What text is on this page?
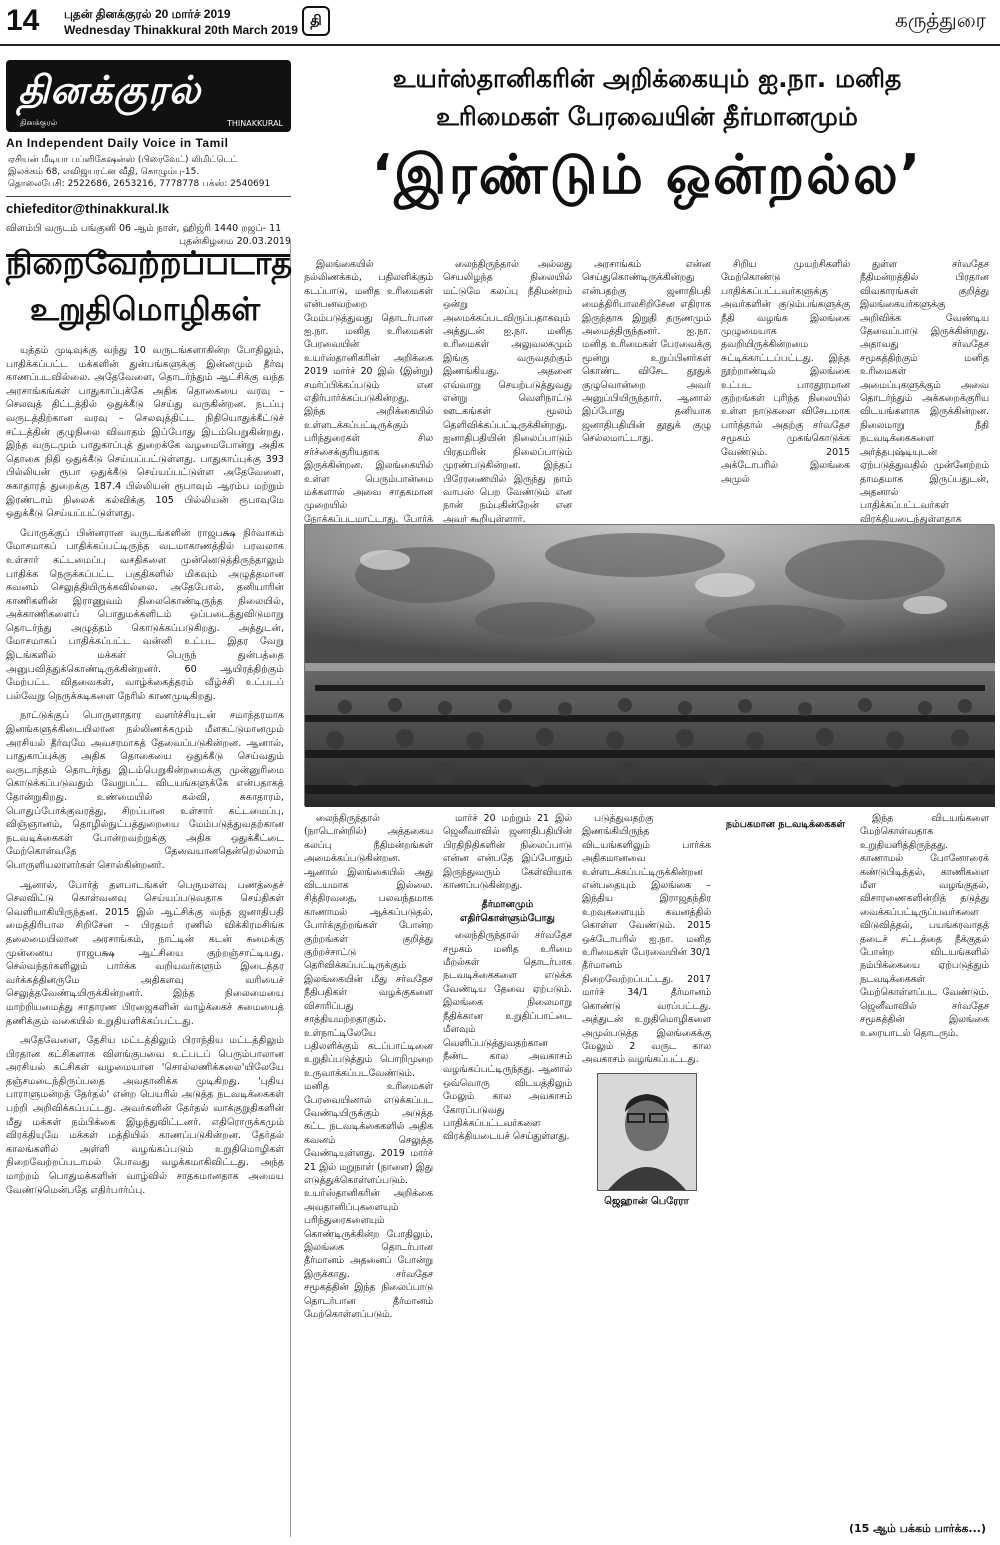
14 புதன் தினக்குரல் 20 மார்ச் 2019
Wednesday Thinakkural 20th March 2019
தி	கருத்துரை
தினக்குரல்
தினக்குரல்	THINAKKURAL
An Independent Daily Voice in Tamil
ஏசியன் மீடியா பப்ளிகேஷன்ஸ் (பிரைவேட்) லிமிட்டெட்
இலக்கம் 68, எவிஜயரட்ன வீதி, கொழும்பு-15.
தொலைபேசி: 2522686, 2653216, 7778778 பக்ஸ்: 2540691
chiefeditor@thinakkural.lk
விளம்பி வருடம் பங்குனி 06 ஆம் நாள், ஹிஜ்ரி 1440 றஜப்- 11
புதன்கிழமை 20.03.2019
நிறைவேற்றப்படாத
உறுதிமொழிகள்

யுத்தம் முடிவுக்கு வந்து 10 வருடங்களாகின்ற போதிலும், பாதிக்கப்பட்ட மக்களின் துன்பங்களுக்கு இன்னமும் தீர்வு காணப்படவில்லை. அதேவேளை, தொடர்ந்தும் ஆட்சிக்கு வந்த அரசாங்கங்கள் பாதுகாப்புக்கே அதிக தொகையை வரவு – செலவுத் திட்டத்தில் ஒதுக்கீடு செய்து வருகின்றன. நடப்பு வருடத்திற்கான வரவு – செலவுத்திட்ட நிதியொதுக்கீட்டுச் சட்டத்தின் குழுநிலை விவாதம் இப்போது இடம்பெறுகின்றது. இந்த வருடமும் பாதுகாப்புத் துறைக்கே வழமைபோன்று அதிக தொகை நிதி ஒதுக்கீடு செய்யப்பட்டுள்ளது. பாதுகாப்புக்கு 393 பில்லியன் ரூபா ஒதுக்கீடு செய்யப்பட்டுள்ள அதேவேளை, சுகாதாரத் துறைக்கு 187.4 பில்லியன் ரூபாவும் ஆரம்ப மற்றும் இரண்டாம் நிலைக் கல்விக்கு 105 பில்லியன் ரூபாவுமே ஒதுக்கீடு செய்யப்பட்டுள்ளது.

போருக்குப் பின்னரான வருடங்களின் ராஜபக்ஷ நிர்வாகம் மோசமாகப் பாதிக்கப்பட்டிருந்த வடமாகாணத்தில் பரவலாக உள்சார் கட்டமைப்பு வசதிகளை முன்னெடுத்திருந்தாலும் பாதிக்க நெருக்கப்பட்ட பகுதிகளில் மிகவும் அழுத்தமான கவனம் செலுத்தியிருக்கவில்லை. அதேபோல், தனியாரின் காணிகளின் இராணுவம் நிலைகொண்டிருந்த நிலையில், அக்காணிகளைப் பொதுமக்களிடம் ஒப்படைத்துவிடுமாறு தொடர்ந்து அழுத்தம் கொடுக்கப்படுகிறது. அத்துடன், மோசமாகப் பாதிக்கப்பட்ட வன்னி உட்பட இதர வேறு இடங்களில் மக்கள் பெருந் துன்பத்தை அனுபவித்துக்கொண்டிருக்கின்றனர். 60 ஆயிரத்திற்கும் மேற்பட்ட விதவைகள், வாழ்க்கைத்தரம் வீழ்ச்சி உட்படப் பல்வேறு நெருக்கடிகளை நேரில் காணமுடிகிறது.

நாட்டுக்குப் பொருளாதார வளர்ச்சியுடன் சமாந்தரமாக இனங்களுக்கிடையிலான நல்லிணக்கமும் மீளகட்டுமானமும் அரசியல் தீர்வுமே அவசரமாகத் தேவைப்படுகின்றன. ஆனால், பாதுகாப்புக்கு அதிக தொகையை ஒதுக்கீடு செய்வதும் வருடாந்தம் தொடர்ந்து இடம்பெறுகின்றமைக்கு முன்னுரிமை கொடுக்கப்படுவதும் வேறுபட்ட விடயங்களுக்கே என்பதாகத் தோன்றுகிறது. உண்மையில் கல்வி, சுகாதாரம், பொதுப்போக்குவரத்து, சிறப்பான உள்சார் கட்டமைப்பு, விஞ்ஞானம், தொழில்நுட்பத்துறையை மேம்படுத்துவதற்கான நடவடிக்கைகள் போன்றவற்றுக்கு அதிக ஒதுக்கீட்டை மேற்கொள்வதே தேவையானதென்றெல்லாம் பொருளியலாளர்கள் சொல்கின்றனர்.

ஆனால், போர்த் தளபாடங்கள் பெருமளவு பணத்தைச் செலவிட்டு கொள்வனவு செய்யப்படுவதாக செய்திகள் வெளியாகியிருந்தன. 2015 இல் ஆட்சிக்கு வந்த ஜனாதிபதி மைத்திரிபால சிறிசேன – பிரதமர் ரணில் விக்கிரமசிங்க தலைமையிலான அரசாங்கம், நாட்டின் கடன் சுமைக்கு முன்னைய ராஜபக்ஷ ஆட்சியை குற்றஞ்சாட்டியது. செல்வந்தர்களிலும் பார்க்க வறியவர்களும் இடைத்தர வர்க்கத்தினருமே அதிகளவு வரியைச் செலுத்தவேண்டியிருக்கின்றனர். இந்த நிலைமையை மாற்றியமைத்து சாதாரண பிரஜைகளின் வாழ்க்கைச் சுமையைத் தணிக்கும் வகையில் உறுதியளிக்கப்பட்டது.

அதேவேளை, தேசிய மட்டத்திலும் பிராந்திய மட்டத்திலும் பிரதான கட்சிகளாக விளங்குபவை உட்படப் பெரும்பாலான அரசியல் கட்சிகள் வழமையான 'சொல்லணிக்கலை'யிலேயே தஞ்சமடைந்திருப்பதை அவதானிக்க முடிகிறது. 'புதிய பாராளுமன்றத் தேர்தல்' என்ற பெயரில் அடுத்த நடவடிக்கைகள் பற்றி அறிவிக்கப்பட்டது. அவர்களின் தேர்தல் வாக்குறுதிகளின் மீது மக்கள் நம்பிக்கை இழந்துவிட்டனர். எதிரொருக்கமும் விரக்தியுமே மக்கள் மத்தியில் காணப்படுகின்றன. தேர்தல் காலங்களில் அள்ளி வழங்கப்படும் உறுதிமொழிகள் நிறைவேற்றப்படாமல் போவது வழக்கமாகிவிட்டது. அந்த மாற்றம் பொதுமக்களின் வாழ்வில் சாதகமானதாக அமைய வேண்டுமென்பதே எதிர்பார்ப்பு.

உயர்ஸ்தானிகரின் அறிக்கையும் ஐ.நா. மனித
உரிமைகள் பேரவையின் தீர்மானமும்
‘இரண்டும் ஒன்றல்ல’

இலங்கையில் நல்லிணக்கம், பதிலளிக்கும் கடப்பாடு, மனித உரிமைகள் என்பனவற்றை மேம்படுத்துவது தொடர்பான ஐ.நா. மனித உரிமைகள் பேரவையின் உயர்ஸ்தானிகரின் அறிக்கை 2019 மார்ச் 20 இல் (இன்று) சமர்ப்பிக்கப்படும் என எதிர்பார்க்கப்படுகின்றது. இந்த அறிக்கையில் உள்ளடக்கப்பட்டிருக்கும் பரிந்துரைகள் சில சர்ச்சைக்குரியதாக இருக்கின்றன. இலங்கையில் உள்ள பெரும்பான்மை மக்களால் அவை சாதகமான முறையில் நோக்கப்படமாட்டாது. போர்க்

லைந்திருந்தால் அல்லது செயலிழந்த நிலையில் மட்டுமே கலப்பு நீதிமன்றம் ஒன்று அமைக்கப்படவிருப்பதாகவும் அத்துடன் ஐ.நா. மனித உரிமைகள் அலுவலகமும் இங்கு வருவதற்கும் இணங்கியது. அதனை எவ்வாறு செயற்படுத்துவது என்று வெளிநாட்டு ஊடகங்கள் மூலம் தெளிவிக்கப்பட்டிருக்கின்றது. ஐனாதிபதியின் நிலைப்பாடும் பிரதமரின் நிலைப்பாடும் முரண்படுகின்றன. இந்தப் பிரேரணையில் இருந்து நாம் வாபஸ் பெற வேண்டும் என நான் நம்புகின்றேன் என அவர் கூறியுள்ளார்.

அரசாங்கம் என்ன செய்துகொண்டிருக்கின்றது என்பதற்கு ஜனாதிபதி மைத்திரிபாலசிறிசேன எதிராக இருந்தாக இறுதி தருணமும் அமைத்திருந்தனர். ஐ.நா. மனித உரிமைகள் பேரவைக்கு மூன்று உறுப்பினர்கள் கொண்ட விசேட தூதுக் குழுவொன்றை அவர் அனுப்பியிருந்தார். ஆனால் இப்போது தனியாக ஜனாதிபதியின் தூதுக் குழு செல்லமாட்டாது.

சிறிய முயற்சிகளில் மேற்கொண்டு பாதிக்கப்பட்டவர்களுக்கு அவர்களின் குடும்பங்களுக்கு நீதி வழங்க இலங்கை முழுமையாக தவறியிருக்கின்றமை சுட்டிக்காட்டப்பட்டது. இந்த நூற்றாண்டில் இலங்கை உட்பட பாரதூரமான குற்றங்கள் புரிந்த நிலையில் உள்ள நாடுகளை விசேடமாக பார்த்தால் அதற்கு சர்வதேச சமூகம் முகங்கொடுக்க வேண்டும். 2015 அக்டோபரில் இலங்கை அமுல்

துள்ள சர்வதேச நீதிமன்றத்தில் பிரதான விவகாரங்கள் குறித்து இலங்கையர்களுக்கு அறிவிக்க வேண்டிய தேவைப்பாடு இருக்கின்றது. அதாவது சர்வதேச சமூகத்திற்கும் மனித உரிமைகள் அமைப்புகளுக்கும் அவை தொடர்ந்தும் அக்கறைக்குரிய விடயங்களாக இருக்கின்றன. நிலைமாறு நீதி நடவடிக்கைகளை அர்த்தபுஷ்டியுடன் ஏற்படுத்துவதில் முன்னேற்றம் தாமதமாக இருப்பதுடன், அதனால் பாதிக்கப்பட்டவர்கள் விரக்தியடைந்துள்ளதாக

லைந்திருந்தால் (நாடொன்றில்) அத்தகைய கலப்பு நீதிமன்றங்கள் அமைக்கப்படுகின்றன. ஆனால் இலங்கையில் அது விடயமாக இல்லை. சித்திரவதை, பலவந்தமாக காணாமல் ஆக்கப்படுதல், போர்க்குற்றங்கள் போன்ற குற்றங்கள் குறித்து குற்றச்சாட்டு தெரிவிக்கப்பட்டிருக்கும் இலங்கையின் மீது சர்வதேச நீதிபதிகள் வழக்குகளை விசாரிப்பது சாத்தியமற்றதாகும். உள்நாட்டிலேயே பதிலளிக்கும் கடப்பாட்டினை உறுதிப்படுத்தும் பொறிமுறை உருவாக்கப்படவேண்டும். மனித உரிமைகள் பேரவையினால் எடுக்கப்பட வேண்டியிருக்கும் அடுத்த கட்ட நடவடிக்கைகளில் அதிக கவனம் செலுத்த வேண்டியுள்ளது. 2019 மார்ச் 21 இல் மறுநாள் (நாளை) இது எடுத்துக்கொள்ளப்படும். உயர்ஸ்தானிகரின் அறிக்கை அவதானிப்புகளையும் பரிந்துரைகளையும் கொண்டிருக்கின்ற போதிலும், இலங்கை தொடர்பான தீர்மானம் அதனைப் போன்று இருக்காது. சர்வதேச சமூகத்தின் இந்த நிலைப்பாடு தொடர்பான தீர்மானம் மேற்கொள்ளப்படும்.

மார்ச் 20 மற்றும் 21 இல் ஜெனீவாவில் ஜனாதிபதியின் பிரதிநிதிகளின் நிலைப்பாடு என்ன என்பதே இப்போதும் இருந்துவரும் கேள்வியாக காணப்படுகின்றது.

தீர்மானமும்
எதிர்கொள்ளும்போது

லைந்திருந்தால் சர்வதேச சமூகம் மனித உரிமை மீறல்கள் தொடர்பாக நடவடிக்கைகளை எடுக்க வேண்டிய தேவை ஏற்படும். இலங்கை நிலைமாறு நீதிக்கான உறுதிப்பாட்டை மீளவும் வெளிப்படுத்துவதற்கான நீண்ட கால அவகாசம் வழங்கப்பட்டிருந்தது. ஆனால் ஒவ்வொரு விடயத்திலும் மேலும் கால அவகாசம் கோரப்படுவது பாதிக்கப்பட்டவர்களை விரக்தியடையச் செய்துள்ளது.

படுத்துவதற்கு இணங்கியிருந்த விடயங்களிலும் பார்க்க அதிகமானவை உள்ளடக்கப்பட்டிருக்கின்றன என்பதையும் இலங்கை – இந்திய இராஜதந்திர உறவுகளையும் கவனத்தில் கொள்ள வேண்டும். 2015 ஒக்டோபரில் ஐ.நா. மனித உரிமைகள் பேரவையின் 30/1 தீர்மானம் நிறைவேற்றப்பட்டது. 2017 மார்ச் 34/1 தீர்மானம் கொண்டு வரப்பட்டது. அத்துடன் உறுதிமொழிகளை அமுல்படுத்த இலங்கைக்கு மேலும் 2 வருட கால அவகாசம் வழங்கப்பட்டது.

ஜெஹான் பெரேரா
நம்பகமான நடவடிக்கைகள்

இந்த விடயங்களை மேற்கொள்வதாக உறுதியளித்திருந்தது. காணாமல் போனோரைக் கண்டுபிடித்தல், காணிகளை மீள வழங்குதல், விசாரணைகளின்றித் தடுத்து வைக்கப்பட்டிருப்பவர்களை விடுவித்தல், பயங்கரவாதத் தடைச் சட்டத்தை நீக்குதல் போன்ற விடயங்களில் நம்பிக்கையை ஏற்படுத்தும் நடவடிக்கைகள் மேற்கொள்ளப்பட வேண்டும். ஜெனீவாவில் சர்வதேச சமூகத்தின் இலங்கை உரையாடல் தொடரும்.

(15 ஆம் பக்கம் பார்க்க...)
